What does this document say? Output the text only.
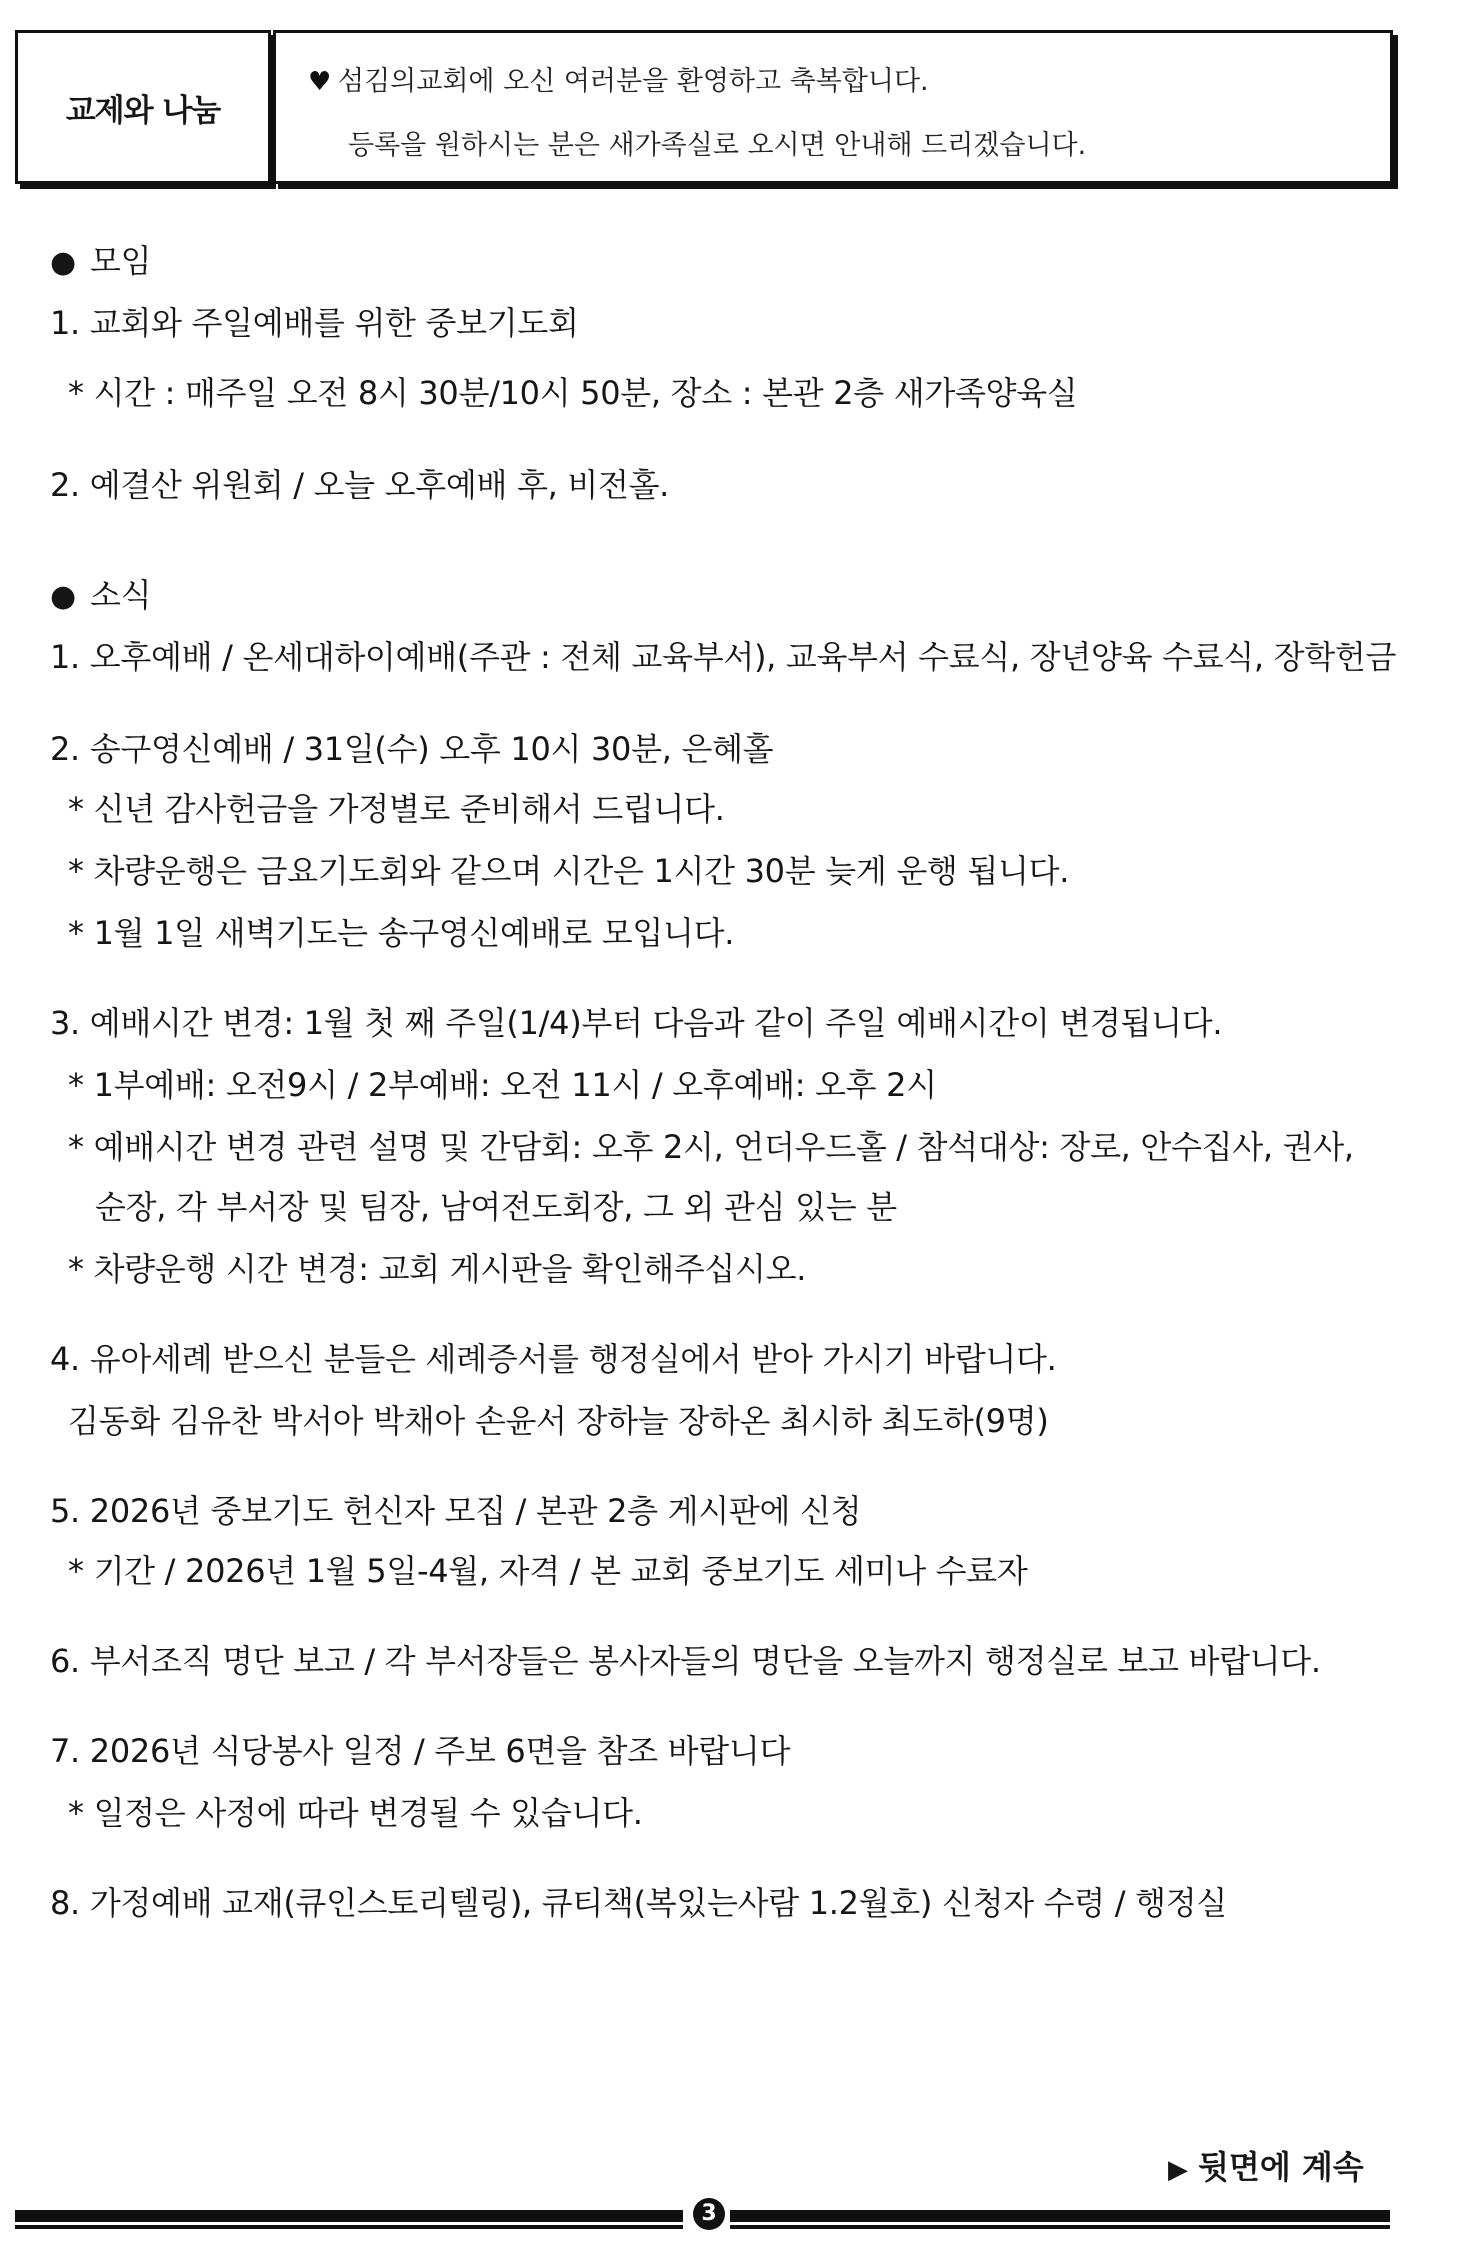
교제와 나눔
♥ 섬김의교회에 오신 여러분을 환영하고 축복합니다.
등록을 원하시는 분은 새가족실로 오시면 안내해 드리겠습니다.
● 모임
1. 교회와 주일예배를 위한 중보기도회
* 시간 : 매주일 오전 8시 30분/10시 50분, 장소 : 본관 2층 새가족양육실
2. 예결산 위원회 / 오늘 오후예배 후, 비전홀.
● 소식
1. 오후예배 / 온세대하이예배(주관 : 전체 교육부서), 교육부서 수료식, 장년양육 수료식, 장학헌금
2. 송구영신예배 / 31일(수) 오후 10시 30분, 은혜홀
* 신년 감사헌금을 가정별로 준비해서 드립니다.
* 차량운행은 금요기도회와 같으며 시간은 1시간 30분 늦게 운행 됩니다.
* 1월 1일 새벽기도는 송구영신예배로 모입니다.
3. 예배시간 변경: 1월 첫 째 주일(1/4)부터 다음과 같이 주일 예배시간이 변경됩니다.
* 1부예배: 오전9시 / 2부예배: 오전 11시 / 오후예배: 오후 2시
* 예배시간 변경 관련 설명 및 간담회: 오후 2시, 언더우드홀 / 참석대상: 장로, 안수집사, 권사,
순장, 각 부서장 및 팀장, 남여전도회장, 그 외 관심 있는 분
* 차량운행 시간 변경: 교회 게시판을 확인해주십시오.
4. 유아세례 받으신 분들은 세례증서를 행정실에서 받아 가시기 바랍니다.
김동화 김유찬 박서아 박채아 손윤서 장하늘 장하온 최시하 최도하(9명)
5. 2026년 중보기도 헌신자 모집 / 본관 2층 게시판에 신청
* 기간 / 2026년 1월 5일-4월, 자격 / 본 교회 중보기도 세미나 수료자
6. 부서조직 명단 보고 / 각 부서장들은 봉사자들의 명단을 오늘까지 행정실로 보고 바랍니다.
7. 2026년 식당봉사 일정 / 주보 6면을 참조 바랍니다
* 일정은 사정에 따라 변경될 수 있습니다.
8. 가정예배 교재(큐인스토리텔링), 큐티책(복있는사람 1.2월호) 신청자 수령 / 행정실
▶ 뒷면에 계속
3
